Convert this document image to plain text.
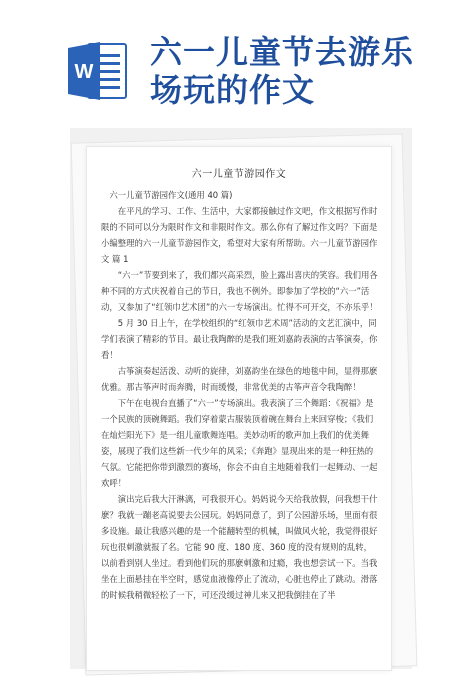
W
六一儿童节去游乐
场玩的作文
六一儿童节游园作文

六一儿童节游园作文(通用 40 篇)

在平凡的学习、工作、生活中，大家都接触过作文吧，作文根据写作时限的不同可以分为限时作文和非限时作文。那么你有了解过作文吗？下面是小编整理的六一儿童节游园作文，希望对大家有所帮助。六一儿童节游园作文 篇 1

“六一”节要到来了，我们都兴高采烈，脸上露出喜庆的笑容。我们用各种不同的方式庆祝着自己的节日，我也不例外。即参加了学校的“六一”活动，又参加了“红领巾艺术团”的六一专场演出。忙得不可开交，不亦乐乎！

5 月 30 日上午，在学校组织的“红领巾艺术周”活动的文艺汇演中，同学们表演了精彩的节目。最让我陶醉的是我们班刘嘉韵表演的古筝演奏，你看！

古筝演奏起活泼、动听的旋律，刘嘉韵坐在绿色的地毯中间，显得那麽优雅。那古筝声时而奔腾，时而缓慢，非常优美的古筝声音令我陶醉！

下午在电视台直播了“六一”专场演出。我表演了三个舞蹈：《祝福》是一个民族的顶碗舞蹈。我们穿着蒙古服装顶着碗在舞台上来回穿梭；《我们在灿烂阳光下》是一组儿童歌舞连唱。美妙动听的歌声加上我们的优美舞姿，展现了我们这些新一代少年的风采；《奔跑》显现出来的是一种狂热的气氛。它能把你带到激烈的赛场，你会不由自主地随着我们一起舞动、一起欢呼！

演出完后我大汗淋漓，可我很开心。妈妈说今天给我放假，问我想干什麽？我就一蹦老高说要去公园玩。妈妈同意了，到了公园游乐场，里面有很多设施。最让我感兴趣的是一个能翻转型的机械，叫做风火轮，我觉得很好玩也很刺激就报了名。它能 90 度、180 度、360 度的没有规则的乱转，以前看到别人坐过。看到他们玩的那麽刺激和过瘾，我也想尝试一下。当我坐在上面悬挂在半空时，感觉血液像停止了流动，心脏也停止了跳动。滑落的时候我稍微轻松了一下，可还没缓过神儿来又把我倒挂在了半
